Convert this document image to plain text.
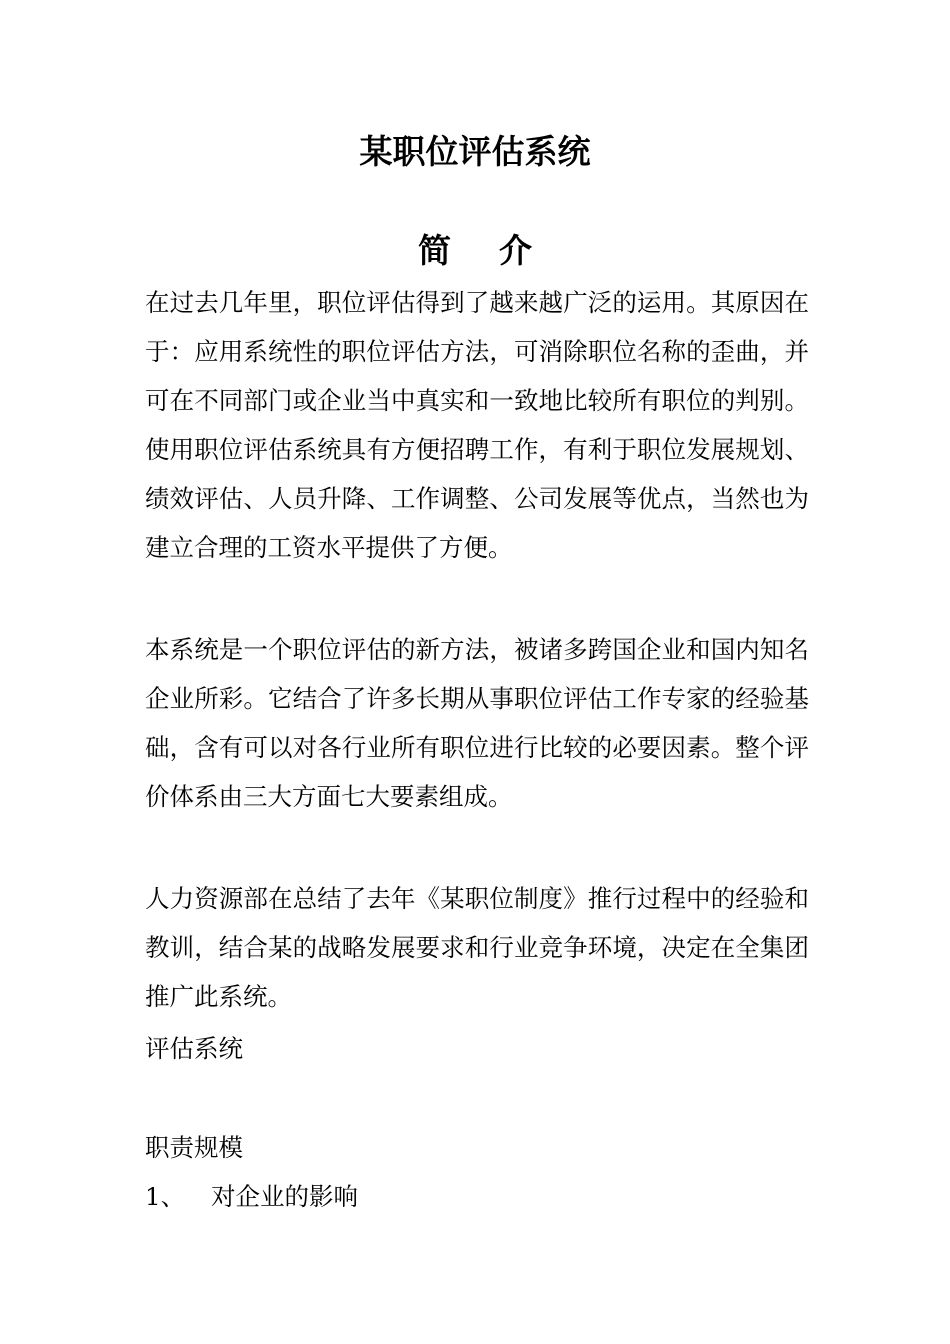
某职位评估系统
简 介

在过去几年里，职位评估得到了越来越广泛的运用。其原因在于：应用系统性的职位评估方法，可消除职位名称的歪曲，并可在不同部门或企业当中真实和一致地比较所有职位的判别。使用职位评估系统具有方便招聘工作，有利于职位发展规划、绩效评估、人员升降、工作调整、公司发展等优点，当然也为建立合理的工资水平提供了方便。

本系统是一个职位评估的新方法，被诸多跨国企业和国内知名企业所彩。它结合了许多长期从事职位评估工作专家的经验基础，含有可以对各行业所有职位进行比较的必要因素。整个评价体系由三大方面七大要素组成。

人力资源部在总结了去年《某职位制度》推行过程中的经验和教训，结合某的战略发展要求和行业竞争环境，决定在全集团推广此系统。

评估系统
职责规模
1、 对企业的影响
